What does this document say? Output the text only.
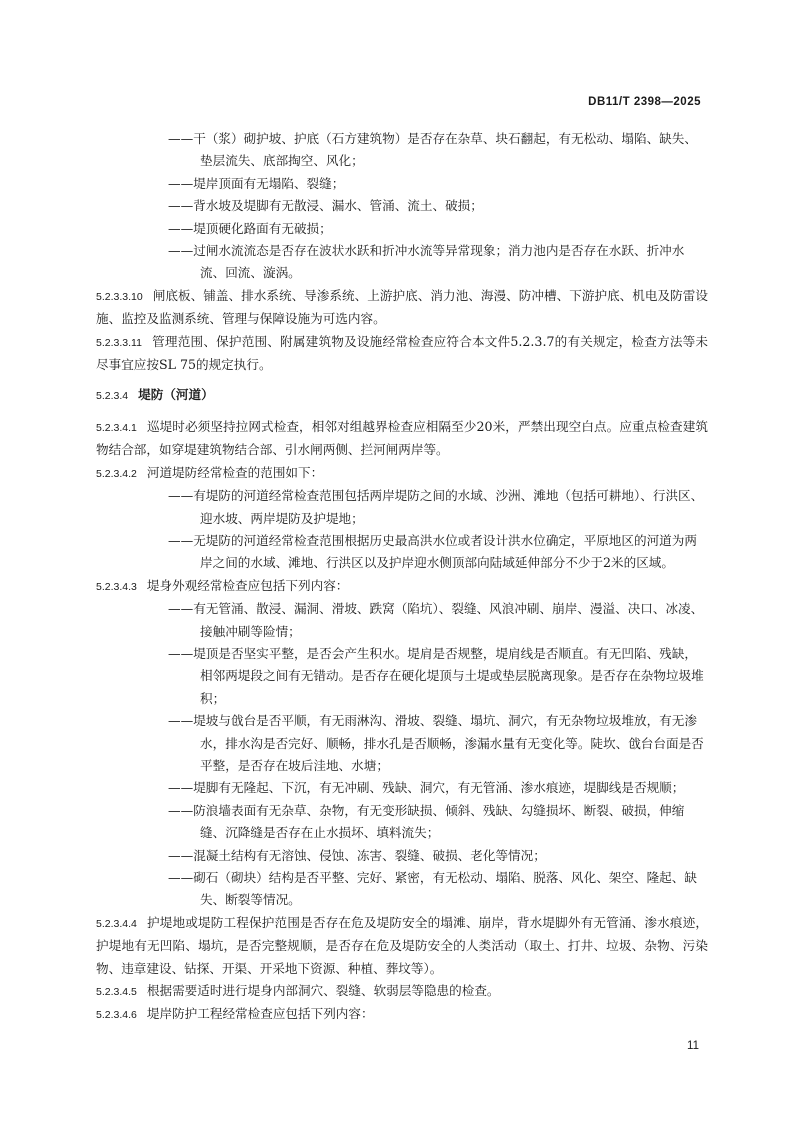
DB11/T 2398—2025
——干（浆）砌护坡、护底（石方建筑物）是否存在杂草、块石翻起，有无松动、塌陷、缺失、垫层流失、底部掏空、风化；
——堤岸顶面有无塌陷、裂缝；
——背水坡及堤脚有无散浸、漏水、管涌、流土、破损；
——堤顶硬化路面有无破损；
——过闸水流流态是否存在波状水跃和折冲水流等异常现象；消力池内是否存在水跃、折冲水流、回流、漩涡。
5.2.3.3.10 闸底板、铺盖、排水系统、导渗系统、上游护底、消力池、海漫、防冲槽、下游护底、机电及防雷设施、监控及监测系统、管理与保障设施为可选内容。
5.2.3.3.11 管理范围、保护范围、附属建筑物及设施经常检查应符合本文件5.2.3.7的有关规定，检查方法等未尽事宜应按SL 75的规定执行。
5.2.3.4 堤防（河道）
5.2.3.4.1 巡堤时必须坚持拉网式检查，相邻对组越界检查应相隔至少20米，严禁出现空白点。应重点检查建筑物结合部，如穿堤建筑物结合部、引水闸两侧、拦河闸两岸等。
5.2.3.4.2 河道堤防经常检查的范围如下：
——有堤防的河道经常检查范围包括两岸堤防之间的水域、沙洲、滩地（包括可耕地）、行洪区、迎水坡、两岸堤防及护堤地；
——无堤防的河道经常检查范围根据历史最高洪水位或者设计洪水位确定，平原地区的河道为两岸之间的水域、滩地、行洪区以及护岸迎水侧顶部向陆域延伸部分不少于2米的区域。
5.2.3.4.3 堤身外观经常检查应包括下列内容：
——有无管涌、散浸、漏洞、滑坡、跌窝（陷坑）、裂缝、风浪冲刷、崩岸、漫溢、决口、冰凌、接触冲刷等险情；
——堤顶是否坚实平整，是否会产生积水。堤肩是否规整，堤肩线是否顺直。有无凹陷、残缺，相邻两堤段之间有无错动。是否存在硬化堤顶与土堤或垫层脱离现象。是否存在杂物垃圾堆积；
——堤坡与戗台是否平顺，有无雨淋沟、滑坡、裂缝、塌坑、洞穴，有无杂物垃圾堆放，有无渗水，排水沟是否完好、顺畅，排水孔是否顺畅，渗漏水量有无变化等。陡坎、戗台台面是否平整，是否存在坡后洼地、水塘；
——堤脚有无隆起、下沉，有无冲刷、残缺、洞穴，有无管涌、渗水痕迹，堤脚线是否规顺；
——防浪墙表面有无杂草、杂物，有无变形缺损、倾斜、残缺、勾缝损坏、断裂、破损，伸缩缝、沉降缝是否存在止水损坏、填料流失；
——混凝土结构有无溶蚀、侵蚀、冻害、裂缝、破损、老化等情况；
——砌石（砌块）结构是否平整、完好、紧密，有无松动、塌陷、脱落、风化、架空、隆起、缺失、断裂等情况。
5.2.3.4.4 护堤地或堤防工程保护范围是否存在危及堤防安全的塌滩、崩岸，背水堤脚外有无管涌、渗水痕迹，护堤地有无凹陷、塌坑，是否完整规顺，是否存在危及堤防安全的人类活动（取土、打井、垃圾、杂物、污染物、违章建设、钻探、开渠、开采地下资源、种植、葬坟等）。
5.2.3.4.5 根据需要适时进行堤身内部洞穴、裂缝、软弱层等隐患的检查。
5.2.3.4.6 堤岸防护工程经常检查应包括下列内容：
11
